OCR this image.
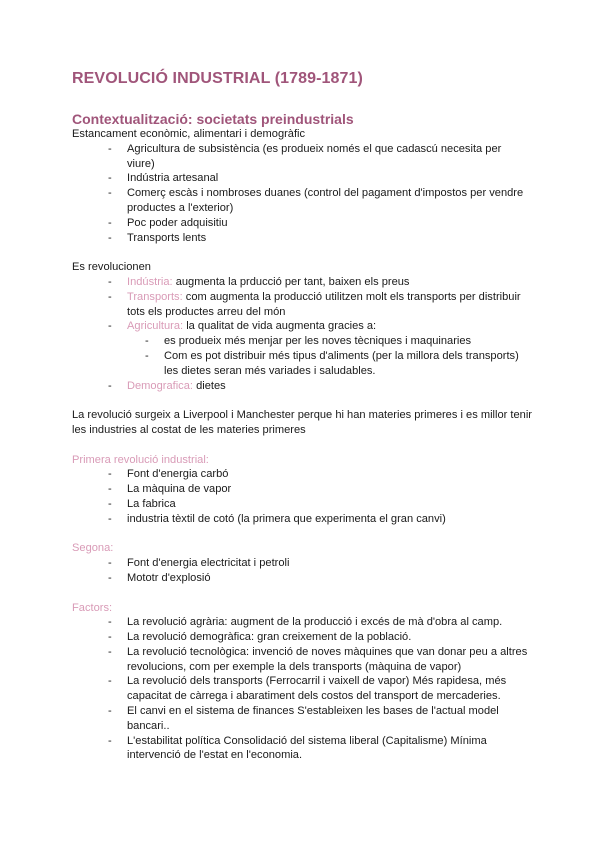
REVOLUCIÓ INDUSTRIAL (1789-1871)
Contextualització: societats preindustrials
Estancament econòmic, alimentari i demogràfic
- Agricultura de subsistència (es produeix només el que cadascú necesita per viure)
- Indústria artesanal
- Comerç escàs i nombroses duanes (control del pagament d'impostos per vendre productes a l'exterior)
- Poc poder adquisitiu
- Transports lents
Es revolucionen
- Indústria: augmenta la prducció per tant, baixen els preus
- Transports: com augmenta la producció utilitzen molt els transports per distribuir tots els productes arreu del món
- Agricultura: la qualitat de vida augmenta gracies a:
- es produeix més menjar per les noves tècniques i maquinaries
- Com es pot distribuir més tipus d'aliments (per la millora dels transports) les dietes seran més variades i saludables.
- Demografica: dietes
La revolució surgeix a Liverpool i Manchester perque hi han materies primeres i es millor tenir les industries al costat de les materies primeres
Primera revolució industrial:
- Font d'energia carbó
- La màquina de vapor
- La fabrica
- industria tèxtil de cotó (la primera que experimenta el gran canvi)
Segona:
- Font d'energia electricitat i petroli
- Mototr d'explosió
Factors:
- La revolució agrària: augment de la producció i excés de mà d'obra al camp.
- La revolució demogràfica: gran creixement de la població.
- La revolució tecnològica: invenció de noves màquines que van donar peu a altres revolucions, com per exemple la dels transports (màquina de vapor)
- La revolució dels transports (Ferrocarril i vaixell de vapor) Més rapidesa, més capacitat de càrrega i abaratiment dels costos del transport de mercaderies.
- El canvi en el sistema de finances S'estableixen les bases de l'actual model bancari..
- L'estabilitat política Consolidació del sistema liberal (Capitalisme) Mínima intervenció de l'estat en l'economia.
